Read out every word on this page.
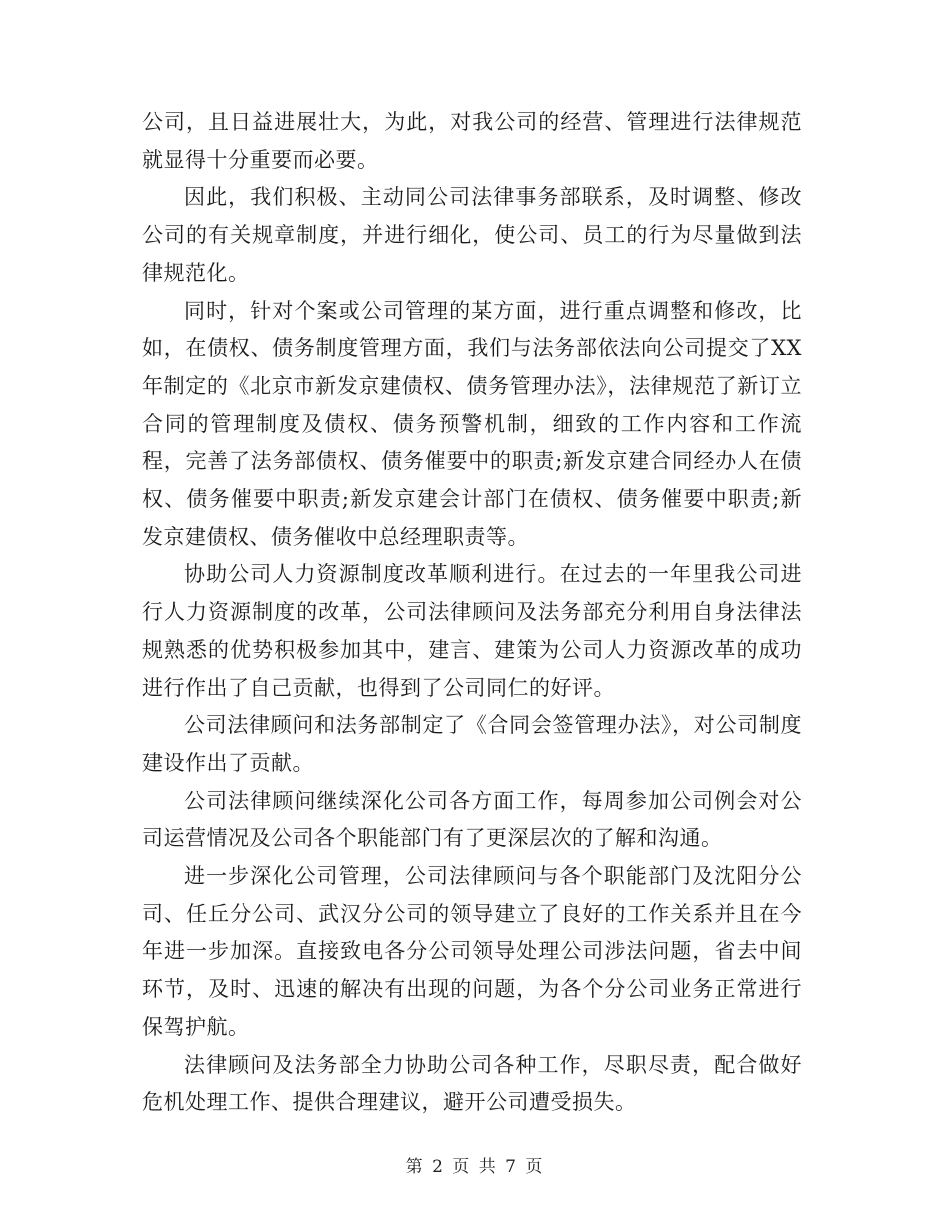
公司，且日益进展壮大，为此，对我公司的经营、管理进行法律规范就显得十分重要而必要。

因此，我们积极、主动同公司法律事务部联系，及时调整、修改公司的有关规章制度，并进行细化，使公司、员工的行为尽量做到法律规范化。

同时，针对个案或公司管理的某方面，进行重点调整和修改，比如，在债权、债务制度管理方面，我们与法务部依法向公司提交了XX年制定的《北京市新发京建债权、债务管理办法》，法律规范了新订立合同的管理制度及债权、债务预警机制，细致的工作内容和工作流程，完善了法务部债权、债务催要中的职责;新发京建合同经办人在债权、债务催要中职责;新发京建会计部门在债权、债务催要中职责;新发京建债权、债务催收中总经理职责等。

协助公司人力资源制度改革顺利进行。在过去的一年里我公司进行人力资源制度的改革，公司法律顾问及法务部充分利用自身法律法规熟悉的优势积极参加其中，建言、建策为公司人力资源改革的成功进行作出了自己贡献，也得到了公司同仁的好评。

公司法律顾问和法务部制定了《合同会签管理办法》，对公司制度建设作出了贡献。

公司法律顾问继续深化公司各方面工作，每周参加公司例会对公司运营情况及公司各个职能部门有了更深层次的了解和沟通。

进一步深化公司管理，公司法律顾问与各个职能部门及沈阳分公司、任丘分公司、武汉分公司的领导建立了良好的工作关系并且在今年进一步加深。直接致电各分公司领导处理公司涉法问题，省去中间环节，及时、迅速的解决有出现的问题，为各个分公司业务正常进行保驾护航。

法律顾问及法务部全力协助公司各种工作，尽职尽责，配合做好危机处理工作、提供合理建议，避开公司遭受损失。

第 2 页 共 7 页
